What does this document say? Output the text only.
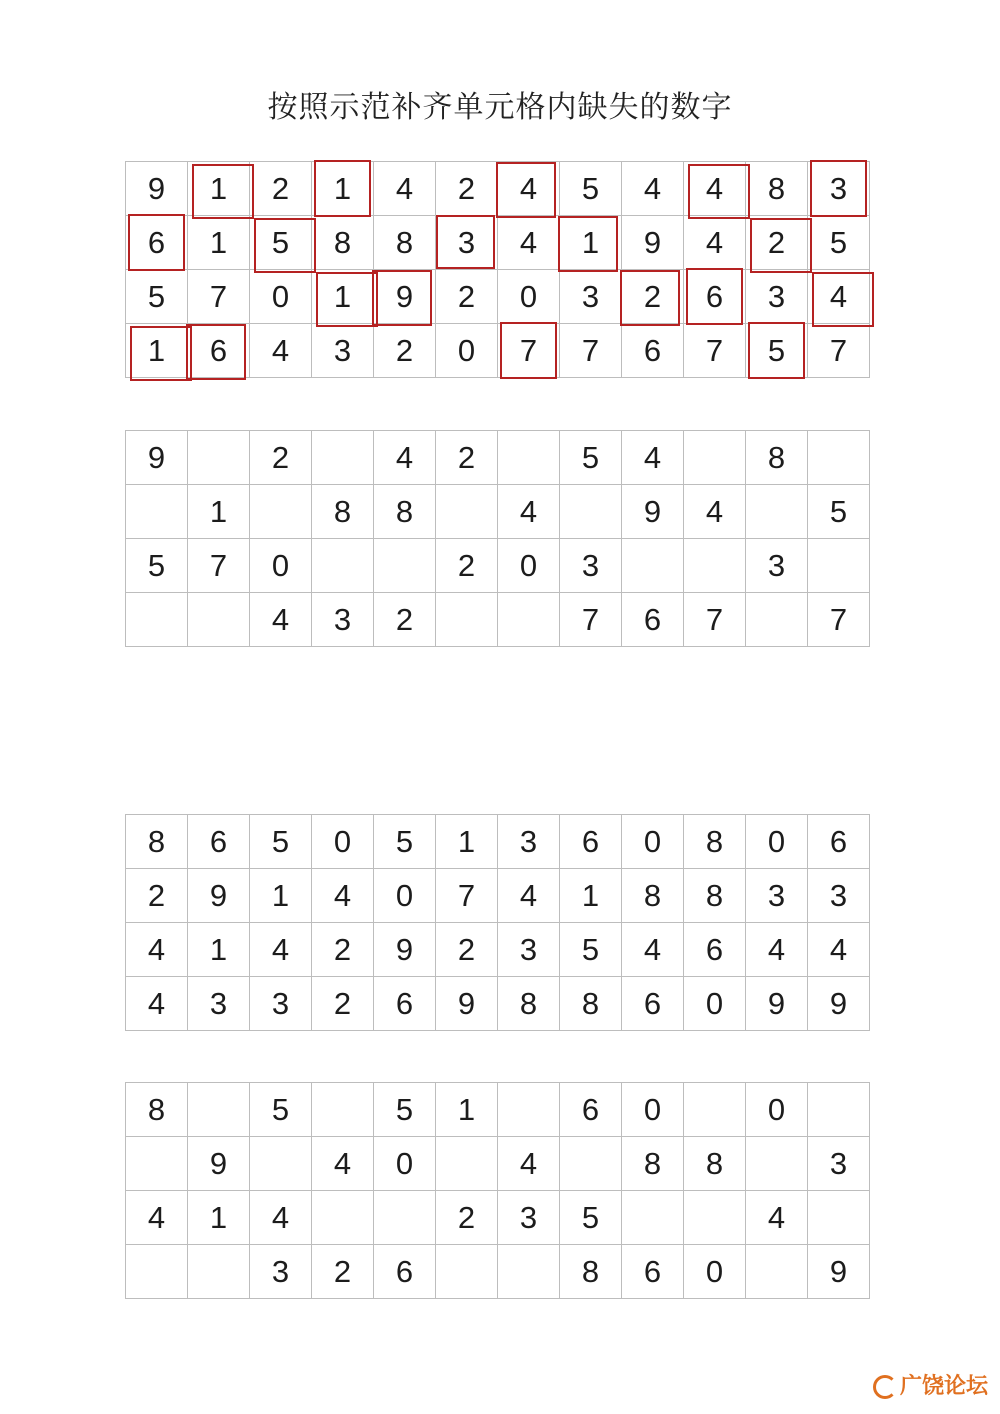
按照示范补齐单元格内缺失的数字
9	1	2	1	4	2	4	5	4	4	8	3
6	1	5	8	8	3	4	1	9	4	2	5
5	7	0	1	9	2	0	3	2	6	3	4
1	6	4	3	2	0	7	7	6	7	5	7
9		2		4	2		5	4		8	
	1		8	8		4		9	4		5
5	7	0			2	0	3			3	
		4	3	2			7	6	7		7
8	6	5	0	5	1	3	6	0	8	0	6
2	9	1	4	0	7	4	1	8	8	3	3
4	1	4	2	9	2	3	5	4	6	4	4
4	3	3	2	6	9	8	8	6	0	9	9
8		5		5	1		6	0		0	
	9		4	0		4		8	8		3
4	1	4			2	3	5			4	
		3	2	6			8	6	0		9
广饶论坛
